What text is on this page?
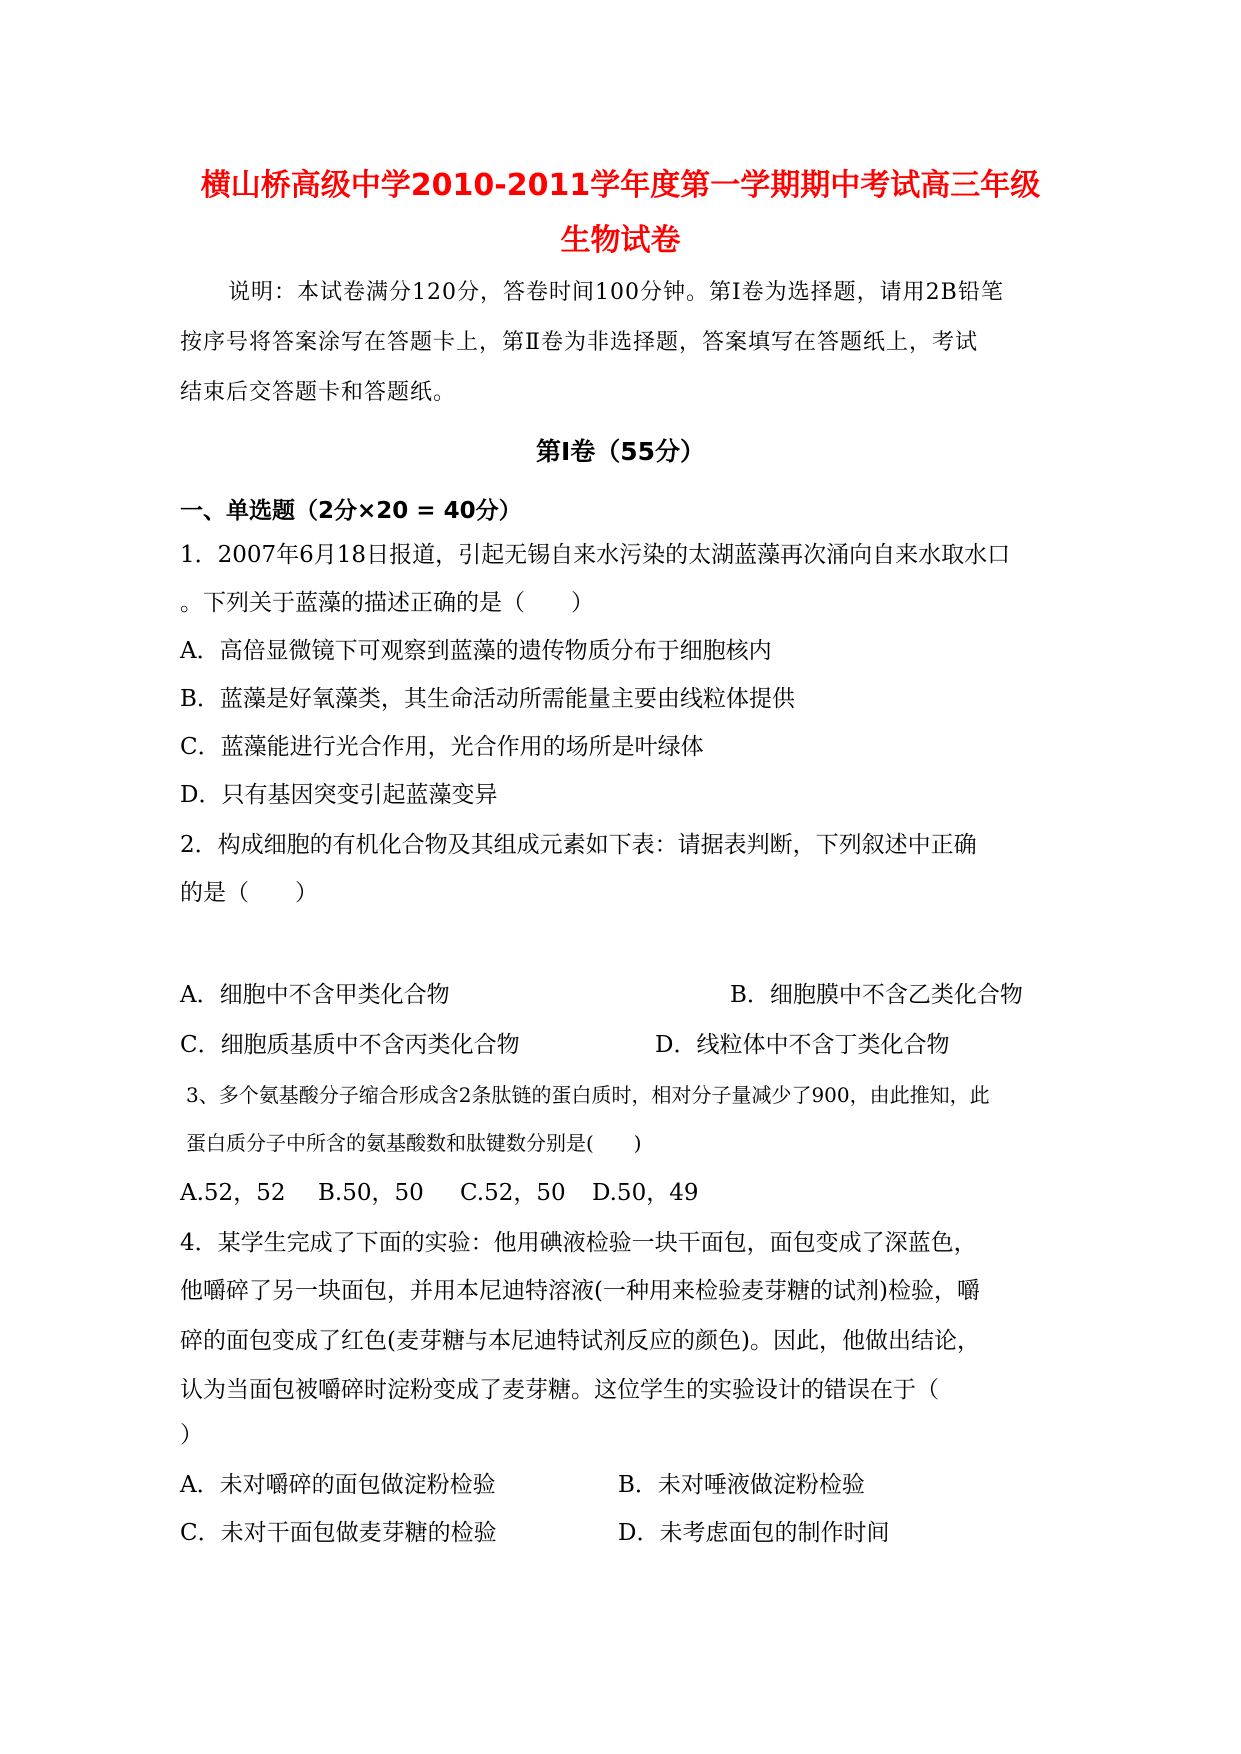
横山桥高级中学2010-2011学年度第一学期期中考试高三年级
生物试卷
说明：本试卷满分120分，答卷时间100分钟。第Ⅰ卷为选择题，请用2B铅笔
按序号将答案涂写在答题卡上，第Ⅱ卷为非选择题，答案填写在答题纸上，考试
结束后交答题卡和答题纸。
第Ⅰ卷（55分）
一、单选题（2分×20 = 40分）
1．2007年6月18日报道，引起无锡自来水污染的太湖蓝藻再次涌向自来水取水口
。下列关于蓝藻的描述正确的是（　　）
A．高倍显微镜下可观察到蓝藻的遗传物质分布于细胞核内
B．蓝藻是好氧藻类，其生命活动所需能量主要由线粒体提供
C．蓝藻能进行光合作用，光合作用的场所是叶绿体
D．只有基因突变引起蓝藻变异
2．构成细胞的有机化合物及其组成元素如下表：请据表判断，下列叙述中正确
的是（　　）
A．细胞中不含甲类化合物	B．细胞膜中不含乙类化合物
C．细胞质基质中不含丙类化合物	D．线粒体中不含丁类化合物
3、多个氨基酸分子缩合形成含2条肽链的蛋白质时，相对分子量减少了900，由此推知，此
蛋白质分子中所含的氨基酸数和肽键数分别是(　　)
A.52，52 B.50，50 C.52，50 D.50，49
4．某学生完成了下面的实验：他用碘液检验一块干面包，面包变成了深蓝色，
他嚼碎了另一块面包，并用本尼迪特溶液(一种用来检验麦芽糖的试剂)检验，嚼
碎的面包变成了红色(麦芽糖与本尼迪特试剂反应的颜色)。因此，他做出结论，
认为当面包被嚼碎时淀粉变成了麦芽糖。这位学生的实验设计的错误在于（
）
A．未对嚼碎的面包做淀粉检验	B．未对唾液做淀粉检验
C．未对干面包做麦芽糖的检验	D．未考虑面包的制作时间
